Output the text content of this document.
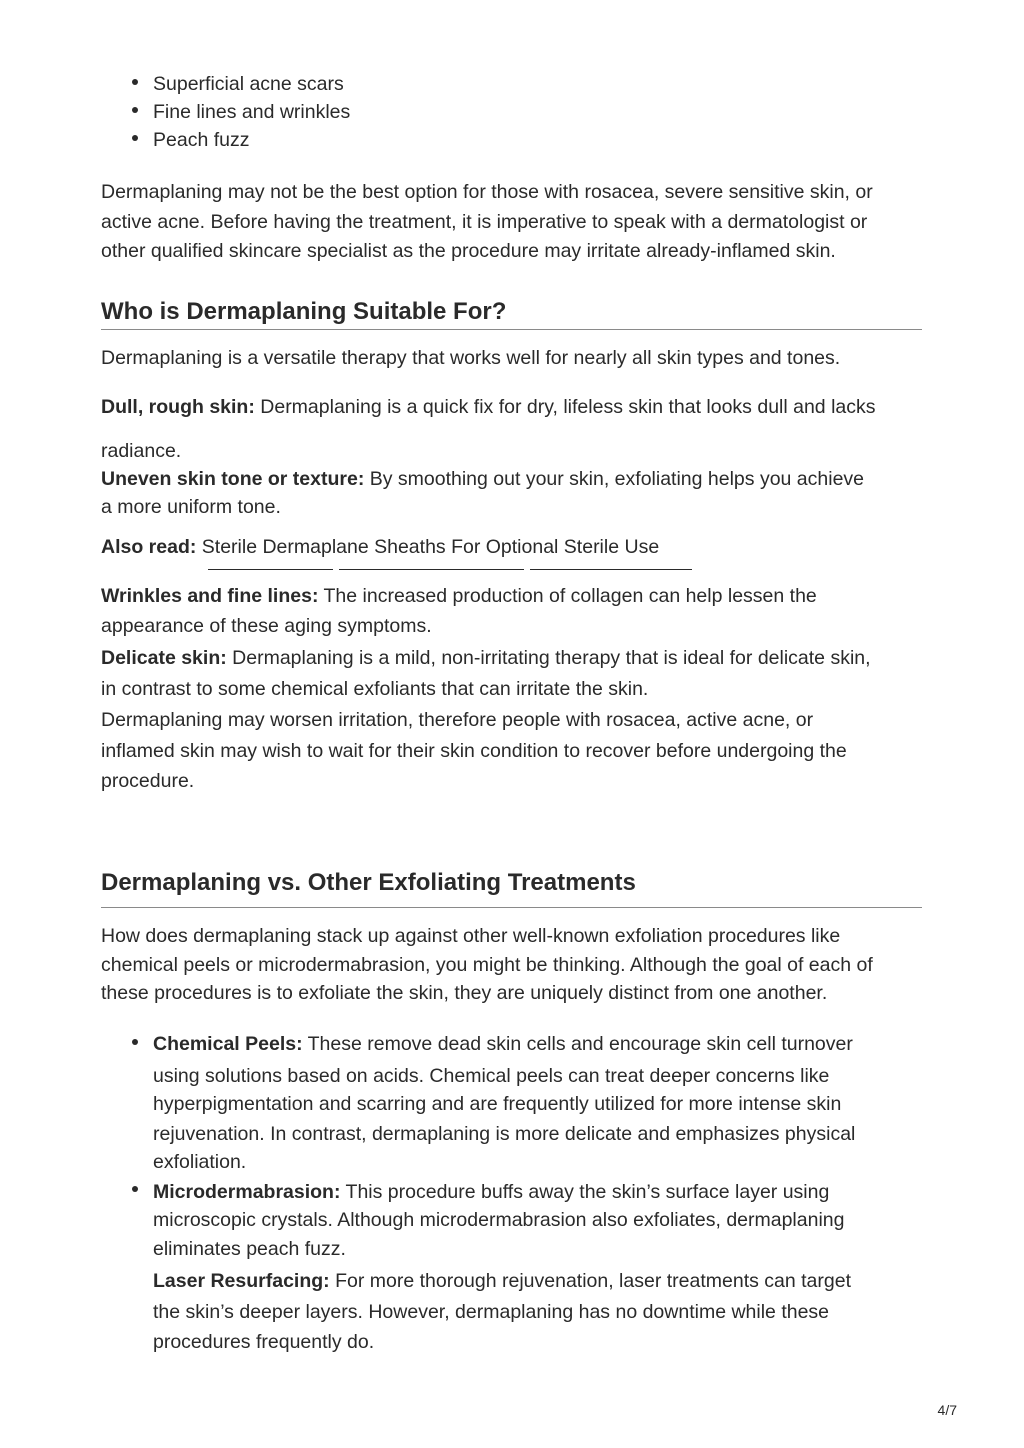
Superficial acne scars

Fine lines and wrinkles

Peach fuzz

Dermaplaning may not be the best option for those with rosacea, severe sensitive skin, or

active acne. Before having the treatment, it is imperative to speak with a dermatologist or

other qualified skincare specialist as the procedure may irritate already-inflamed skin.

Who is Dermaplaning Suitable For?

Dermaplaning is a versatile therapy that works well for nearly all skin types and tones.

Dull, rough skin: Dermaplaning is a quick fix for dry, lifeless skin that looks dull and lacks

radiance.

Uneven skin tone or texture: By smoothing out your skin, exfoliating helps you achieve

a more uniform tone.

Also read: Sterile Dermaplane Sheaths For Optional Sterile Use

Wrinkles and fine lines: The increased production of collagen can help lessen the

appearance of these aging symptoms.

Delicate skin: Dermaplaning is a mild, non-irritating therapy that is ideal for delicate skin,

in contrast to some chemical exfoliants that can irritate the skin.

Dermaplaning may worsen irritation, therefore people with rosacea, active acne, or

inflamed skin may wish to wait for their skin condition to recover before undergoing the

procedure.

Dermaplaning vs. Other Exfoliating Treatments

How does dermaplaning stack up against other well-known exfoliation procedures like

chemical peels or microdermabrasion, you might be thinking. Although the goal of each of

these procedures is to exfoliate the skin, they are uniquely distinct from one another.

Chemical Peels: These remove dead skin cells and encourage skin cell turnover

using solutions based on acids. Chemical peels can treat deeper concerns like

hyperpigmentation and scarring and are frequently utilized for more intense skin

rejuvenation. In contrast, dermaplaning is more delicate and emphasizes physical

exfoliation.

Microdermabrasion: This procedure buffs away the skin’s surface layer using

microscopic crystals. Although microdermabrasion also exfoliates, dermaplaning

eliminates peach fuzz.

Laser Resurfacing: For more thorough rejuvenation, laser treatments can target

the skin’s deeper layers. However, dermaplaning has no downtime while these

procedures frequently do.

4/7
